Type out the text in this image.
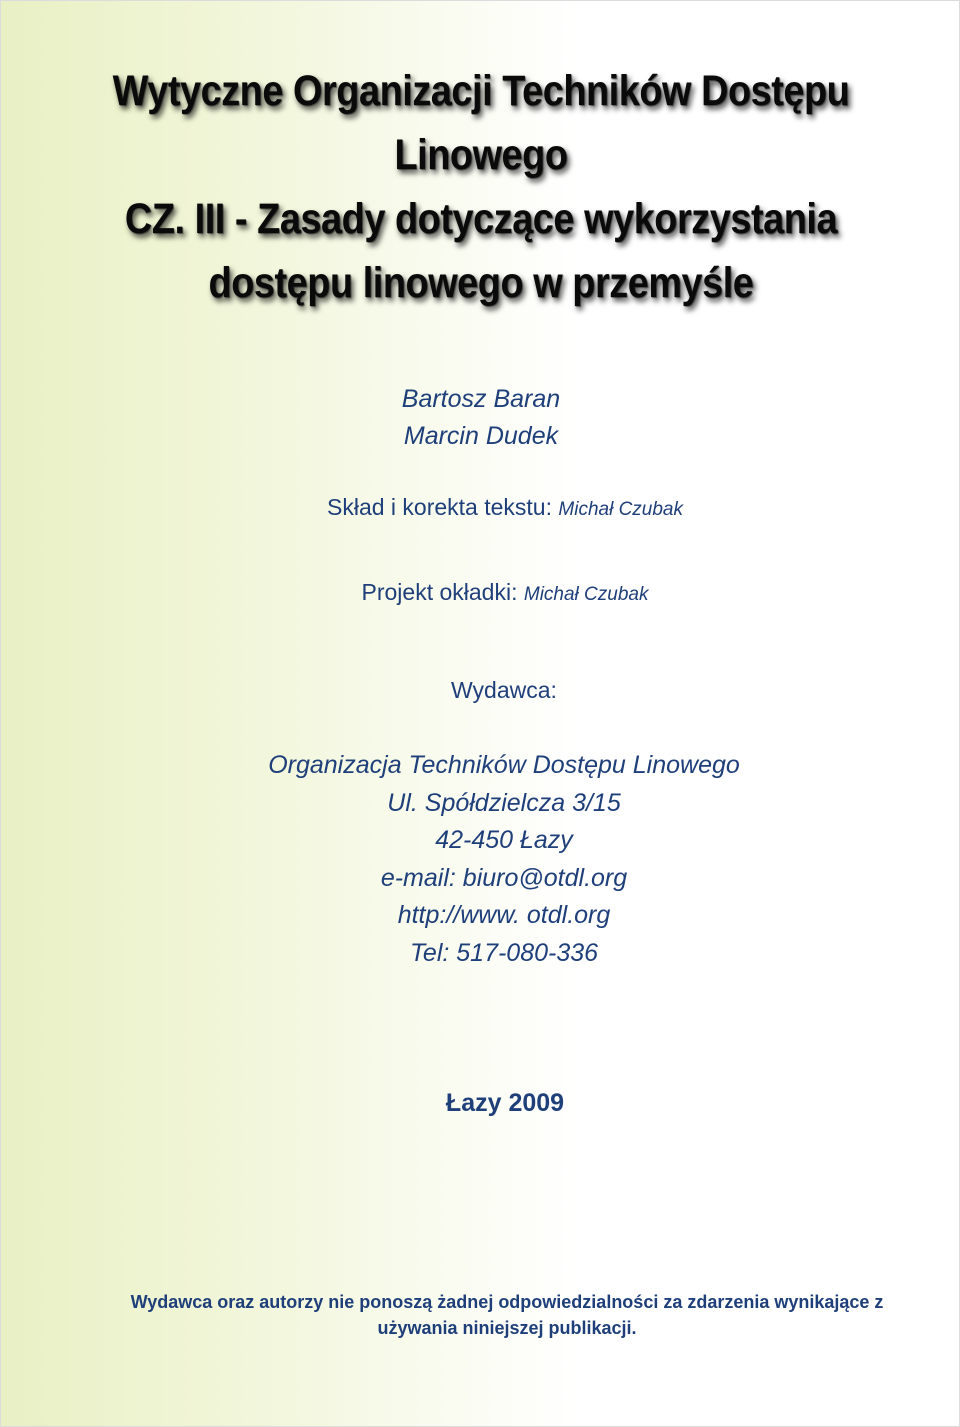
Wytyczne Organizacji Techników Dostępu
Linowego
CZ. III - Zasady dotyczące wykorzystania
dostępu linowego w przemyśle
Bartosz Baran
Marcin Dudek
Skład i korekta tekstu: Michał Czubak
Projekt okładki: Michał Czubak
Wydawca:
Organizacja Techników Dostępu Linowego
Ul. Spółdzielcza 3/15
42-450 Łazy
e-mail: biuro@otdl.org
http://www. otdl.org
Tel: 517-080-336
Łazy 2009
Wydawca oraz autorzy nie ponoszą żadnej odpowiedzialności za zdarzenia wynikające z
używania niniejszej publikacji.
